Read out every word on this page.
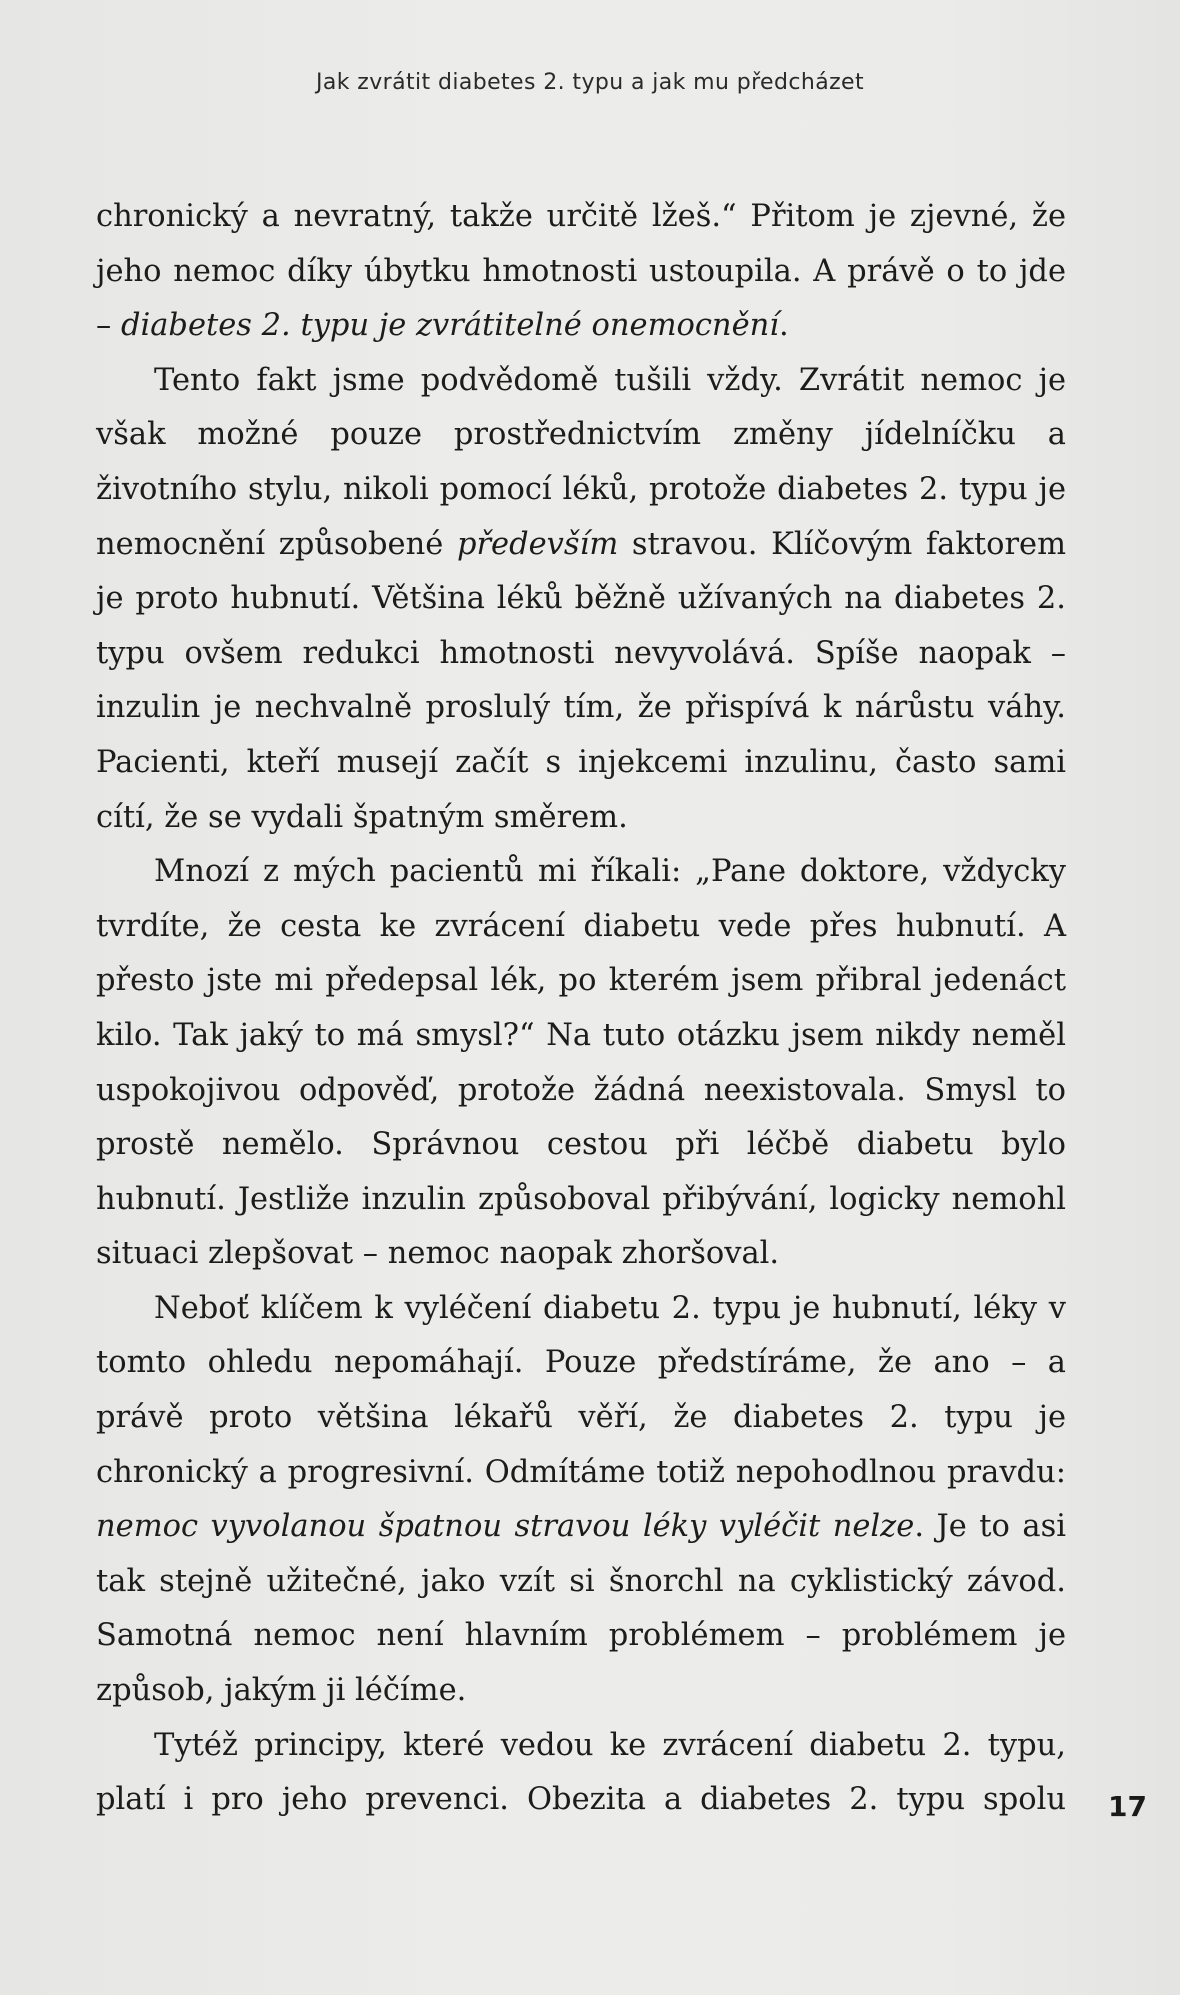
Jak zvrátit diabetes 2. typu a jak mu předcházet

chronický a nevratný, takže určitě lžeš.“ Přitom je zjevné, že jeho nemoc díky úbytku hmotnosti ustoupila. A právě o to jde – diabetes 2. typu je zvrátitelné onemocnění.

Tento fakt jsme podvědomě tušili vždy. Zvrátit nemoc je však možné pouze prostřednictvím změny jídelníčku a životního stylu, nikoli pomocí léků, protože diabetes 2. typu je nemocnění způsobené především stravou. Klíčovým faktorem je proto hubnutí. Většina léků běžně užívaných na diabetes 2. typu ovšem redukci hmotnosti nevyvolává. Spíše naopak – inzulin je nechvalně proslulý tím, že přispívá k nárůstu váhy. Pacienti, kteří musejí začít s injekcemi inzulinu, často sami cítí, že se vydali špatným směrem.

Mnozí z mých pacientů mi říkali: „Pane doktore, vždycky tvrdíte, že cesta ke zvrácení diabetu vede přes hubnutí. A přesto jste mi předepsal lék, po kterém jsem přibral jedenáct kilo. Tak jaký to má smysl?“ Na tuto otázku jsem nikdy neměl uspokojivou odpověď, protože žádná neexistovala. Smysl to prostě nemělo. Správnou cestou při léčbě diabetu bylo hubnutí. Jestliže inzulin způsoboval přibývání, logicky nemohl situaci zlepšovat – nemoc naopak zhoršoval.

Neboť klíčem k vyléčení diabetu 2. typu je hubnutí, léky v tomto ohledu nepomáhají. Pouze předstíráme, že ano – a právě proto většina lékařů věří, že diabetes 2. typu je chronický a progresivní. Odmítáme totiž nepohodlnou pravdu: nemoc vyvolanou špatnou stravou léky vyléčit nelze. Je to asi tak stejně užitečné, jako vzít si šnorchl na cyklistický závod. Samotná nemoc není hlavním problémem – problémem je způsob, jakým ji léčíme.

Tytéž principy, které vedou ke zvrácení diabetu 2. typu, platí i pro jeho prevenci. Obezita a diabetes 2. typu spolu 17
